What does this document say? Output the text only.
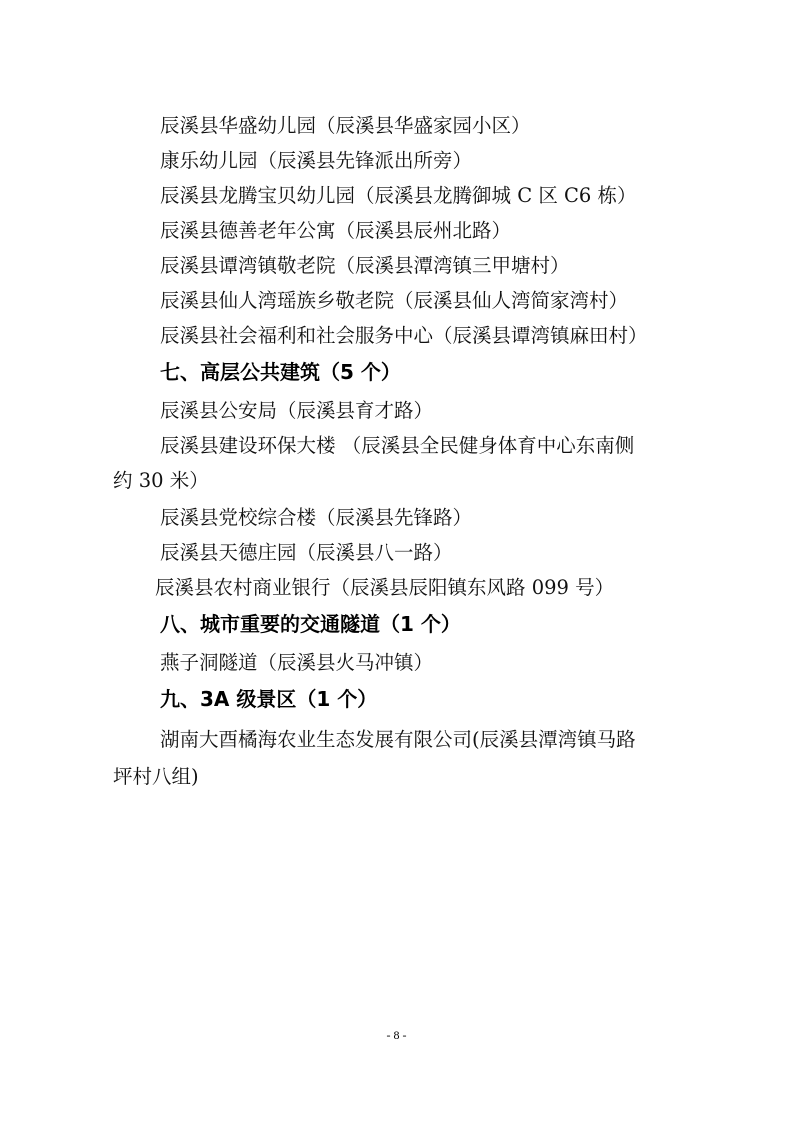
辰溪县华盛幼儿园（辰溪县华盛家园小区）
康乐幼儿园（辰溪县先锋派出所旁）
辰溪县龙腾宝贝幼儿园（辰溪县龙腾御城 C 区 C6 栋）
辰溪县德善老年公寓（辰溪县辰州北路）
辰溪县谭湾镇敬老院（辰溪县潭湾镇三甲塘村）
辰溪县仙人湾瑶族乡敬老院（辰溪县仙人湾简家湾村）
辰溪县社会福利和社会服务中心（辰溪县谭湾镇麻田村）
七、高层公共建筑（5 个）
辰溪县公安局（辰溪县育才路）
辰溪县建设环保大楼 （辰溪县全民健身体育中心东南侧
约 30 米）
辰溪县党校综合楼（辰溪县先锋路）
辰溪县天德庄园（辰溪县八一路）
辰溪县农村商业银行（辰溪县辰阳镇东风路 099 号）
八、城市重要的交通隧道（1 个）
燕子洞隧道（辰溪县火马冲镇）
九、3A 级景区（1 个）
湖南大酉橘海农业生态发展有限公司(辰溪县潭湾镇马路
坪村八组)
- 8 -
